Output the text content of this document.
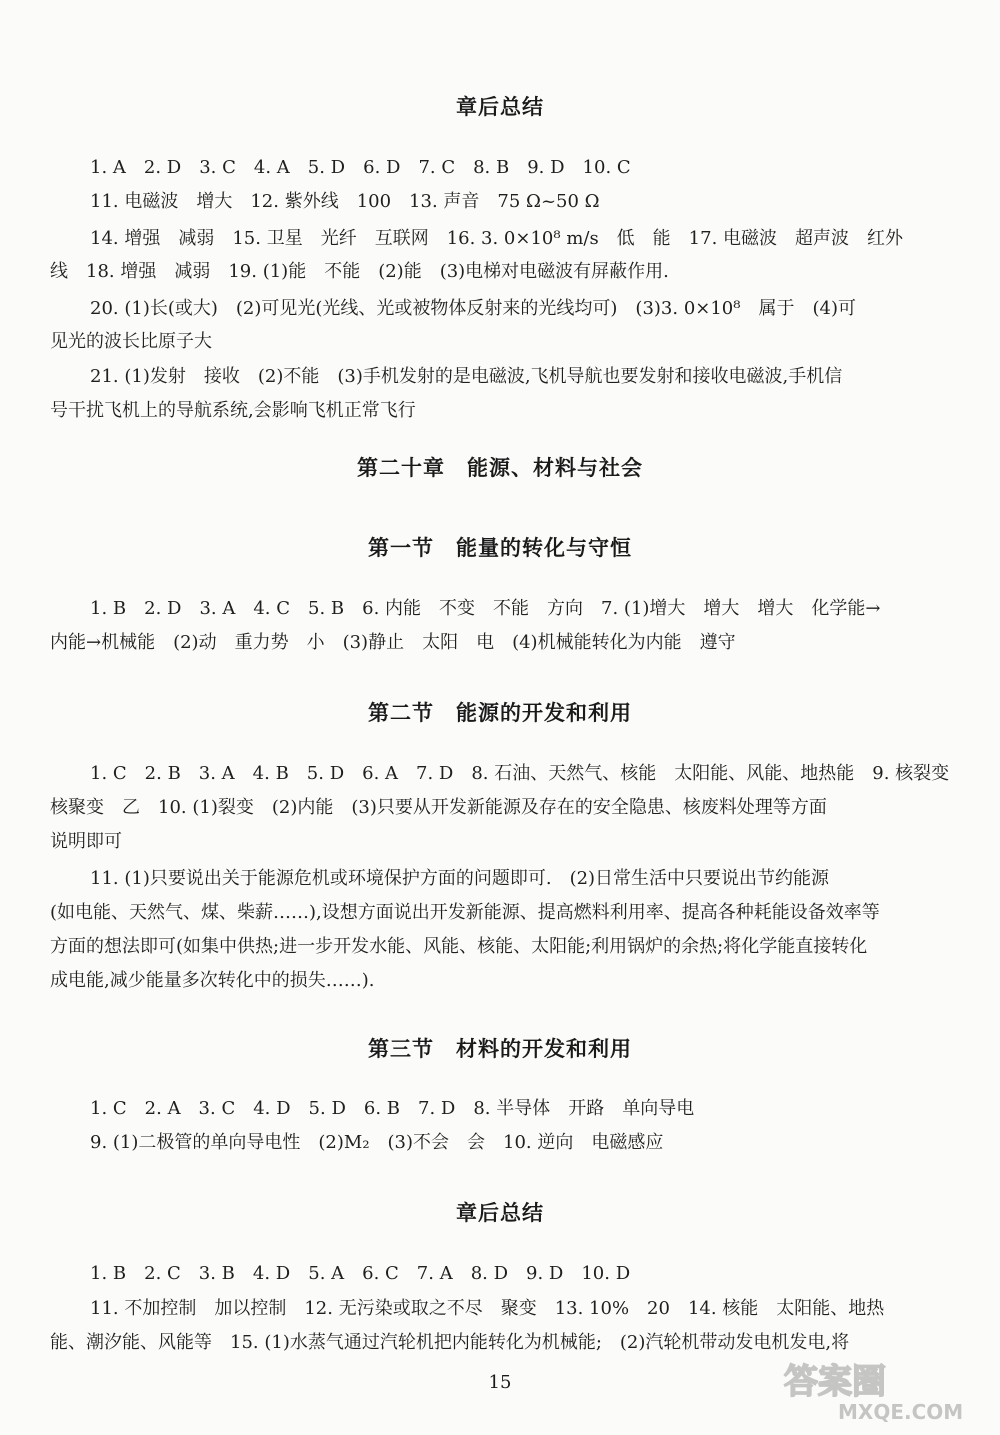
章后总结
1. A　2. D　3. C　4. A　5. D　6. D　7. C　8. B　9. D　10. C
11. 电磁波　增大　12. 紫外线　100　13. 声音　75 Ω~50 Ω
14. 增强　减弱　15. 卫星　光纤　互联网　16. 3. 0×10⁸ m/s　低　能　17. 电磁波　超声波　红外
线　18. 增强　减弱　19. (1)能　不能　(2)能　(3)电梯对电磁波有屏蔽作用.
20. (1)长(或大)　(2)可见光(光线、光或被物体反射来的光线均可)　(3)3. 0×10⁸　属于　(4)可
见光的波长比原子大
21. (1)发射　接收　(2)不能　(3)手机发射的是电磁波,飞机导航也要发射和接收电磁波,手机信
号干扰飞机上的导航系统,会影响飞机正常飞行
第二十章　能源、材料与社会
第一节　能量的转化与守恒
1. B　2. D　3. A　4. C　5. B　6. 内能　不变　不能　方向　7. (1)增大　增大　增大　化学能→
内能→机械能　(2)动　重力势　小　(3)静止　太阳　电　(4)机械能转化为内能　遵守
第二节　能源的开发和利用
1. C　2. B　3. A　4. B　5. D　6. A　7. D　8. 石油、天然气、核能　太阳能、风能、地热能　9. 核裂变
核聚变　乙　10. (1)裂变　(2)内能　(3)只要从开发新能源及存在的安全隐患、核废料处理等方面
说明即可
11. (1)只要说出关于能源危机或环境保护方面的问题即可.　(2)日常生活中只要说出节约能源
(如电能、天然气、煤、柴薪……),设想方面说出开发新能源、提高燃料利用率、提高各种耗能设备效率等
方面的想法即可(如集中供热;进一步开发水能、风能、核能、太阳能;利用锅炉的余热;将化学能直接转化
成电能,减少能量多次转化中的损失……).
第三节　材料的开发和利用
1. C　2. A　3. C　4. D　5. D　6. B　7. D　8. 半导体　开路　单向导电
9. (1)二极管的单向导电性　(2)M₂　(3)不会　会　10. 逆向　电磁感应
章后总结
1. B　2. C　3. B　4. D　5. A　6. C　7. A　8. D　9. D　10. D
11. 不加控制　加以控制　12. 无污染或取之不尽　聚变　13. 10%　20　14. 核能　太阳能、地热
能、潮汐能、风能等　15. (1)水蒸气通过汽轮机把内能转化为机械能;　(2)汽轮机带动发电机发电,将
15	答案圈
MXQE.COM
